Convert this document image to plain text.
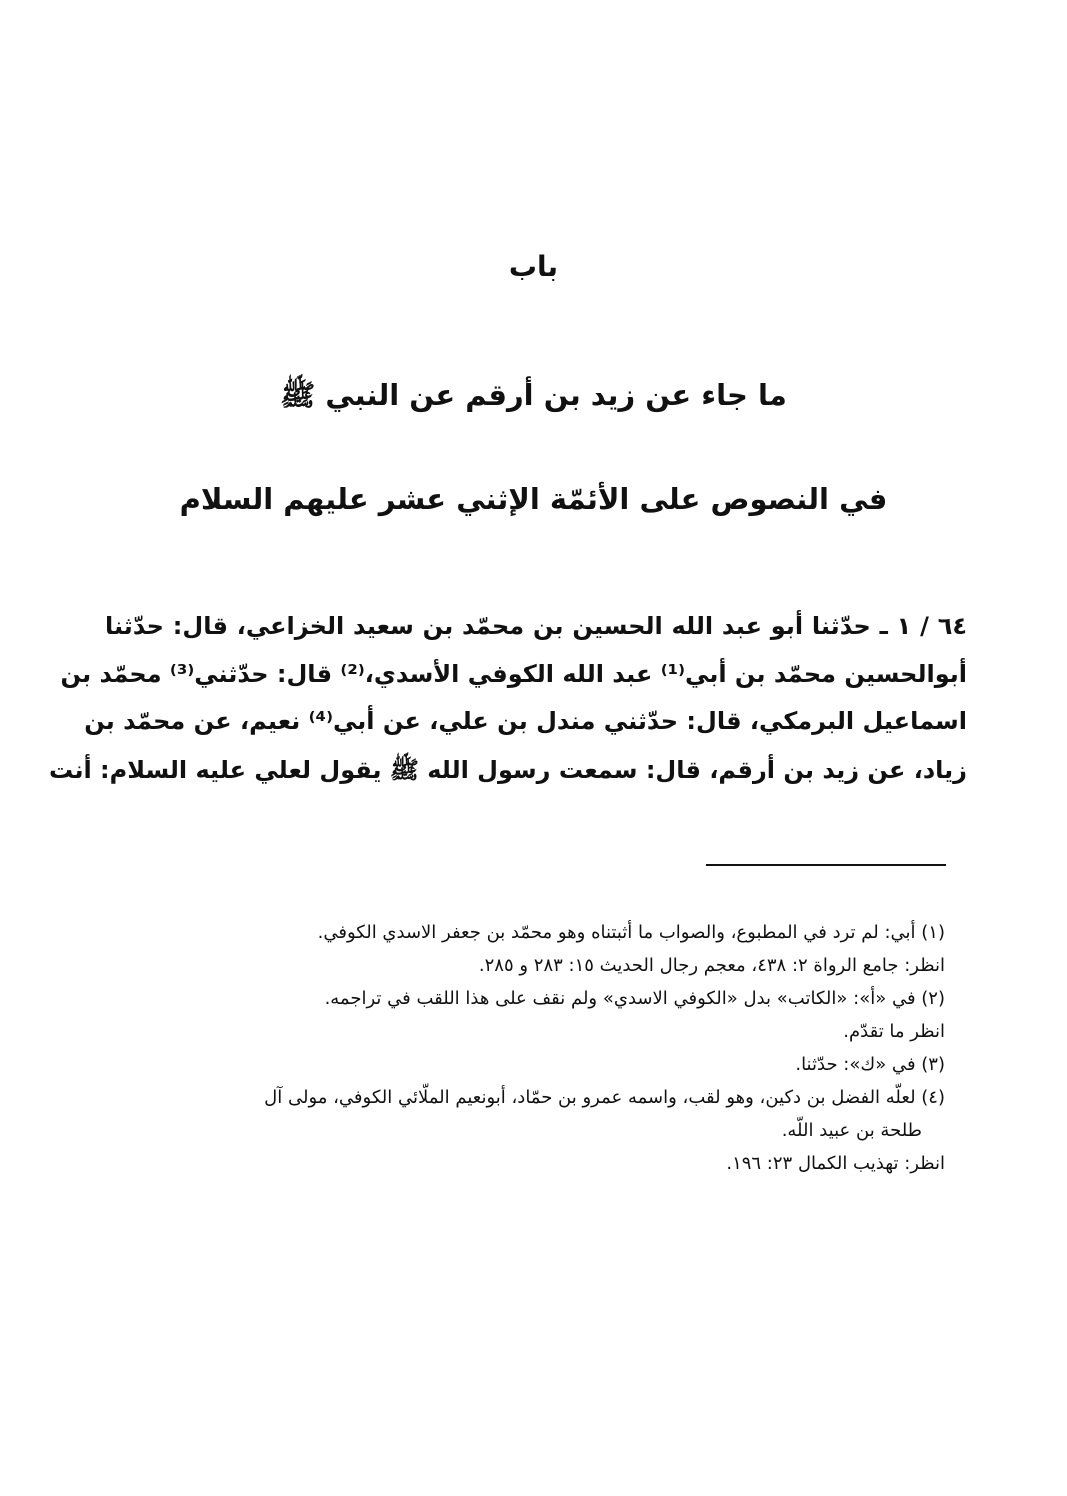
باب
ما جاء عن زيد بن أرقم عن النبي ﷺ
في النصوص على الأئمّة الإثني عشر عليهم السلام
٦٤ / ١ ـ حدّثنا أبو عبد الله الحسين بن محمّد بن سعيد الخزاعي، قال: حدّثنا
أبوالحسين محمّد بن أبي⁽¹⁾ عبد الله الكوفي الأسدي،⁽²⁾ قال: حدّثني⁽³⁾ محمّد بن
اسماعيل البرمكي، قال: حدّثني مندل بن علي، عن أبي⁽⁴⁾ نعيم، عن محمّد بن
زياد، عن زيد بن أرقم، قال: سمعت رسول الله ﷺ يقول لعلي عليه السلام: أنت
(١) أبي: لم ترد في المطبوع، والصواب ما أثبتناه وهو محمّد بن جعفر الاسدي الكوفي.
انظر: جامع الرواة ٢: ٤٣٨، معجم رجال الحديث ١٥: ٢٨٣ و ٢٨٥.
(٢) في «أ»: «الكاتب» بدل «الكوفي الاسدي» ولم نقف على هذا اللقب في تراجمه.
انظر ما تقدّم.
(٣) في «ك»: حدّثنا.
(٤) لعلّه الفضل بن دكين، وهو لقب، واسمه عمرو بن حمّاد، أبونعيم الملّائي الكوفي، مولى آل
طلحة بن عبيد اللّه.
انظر: تهذيب الكمال ٢٣: ١٩٦.
